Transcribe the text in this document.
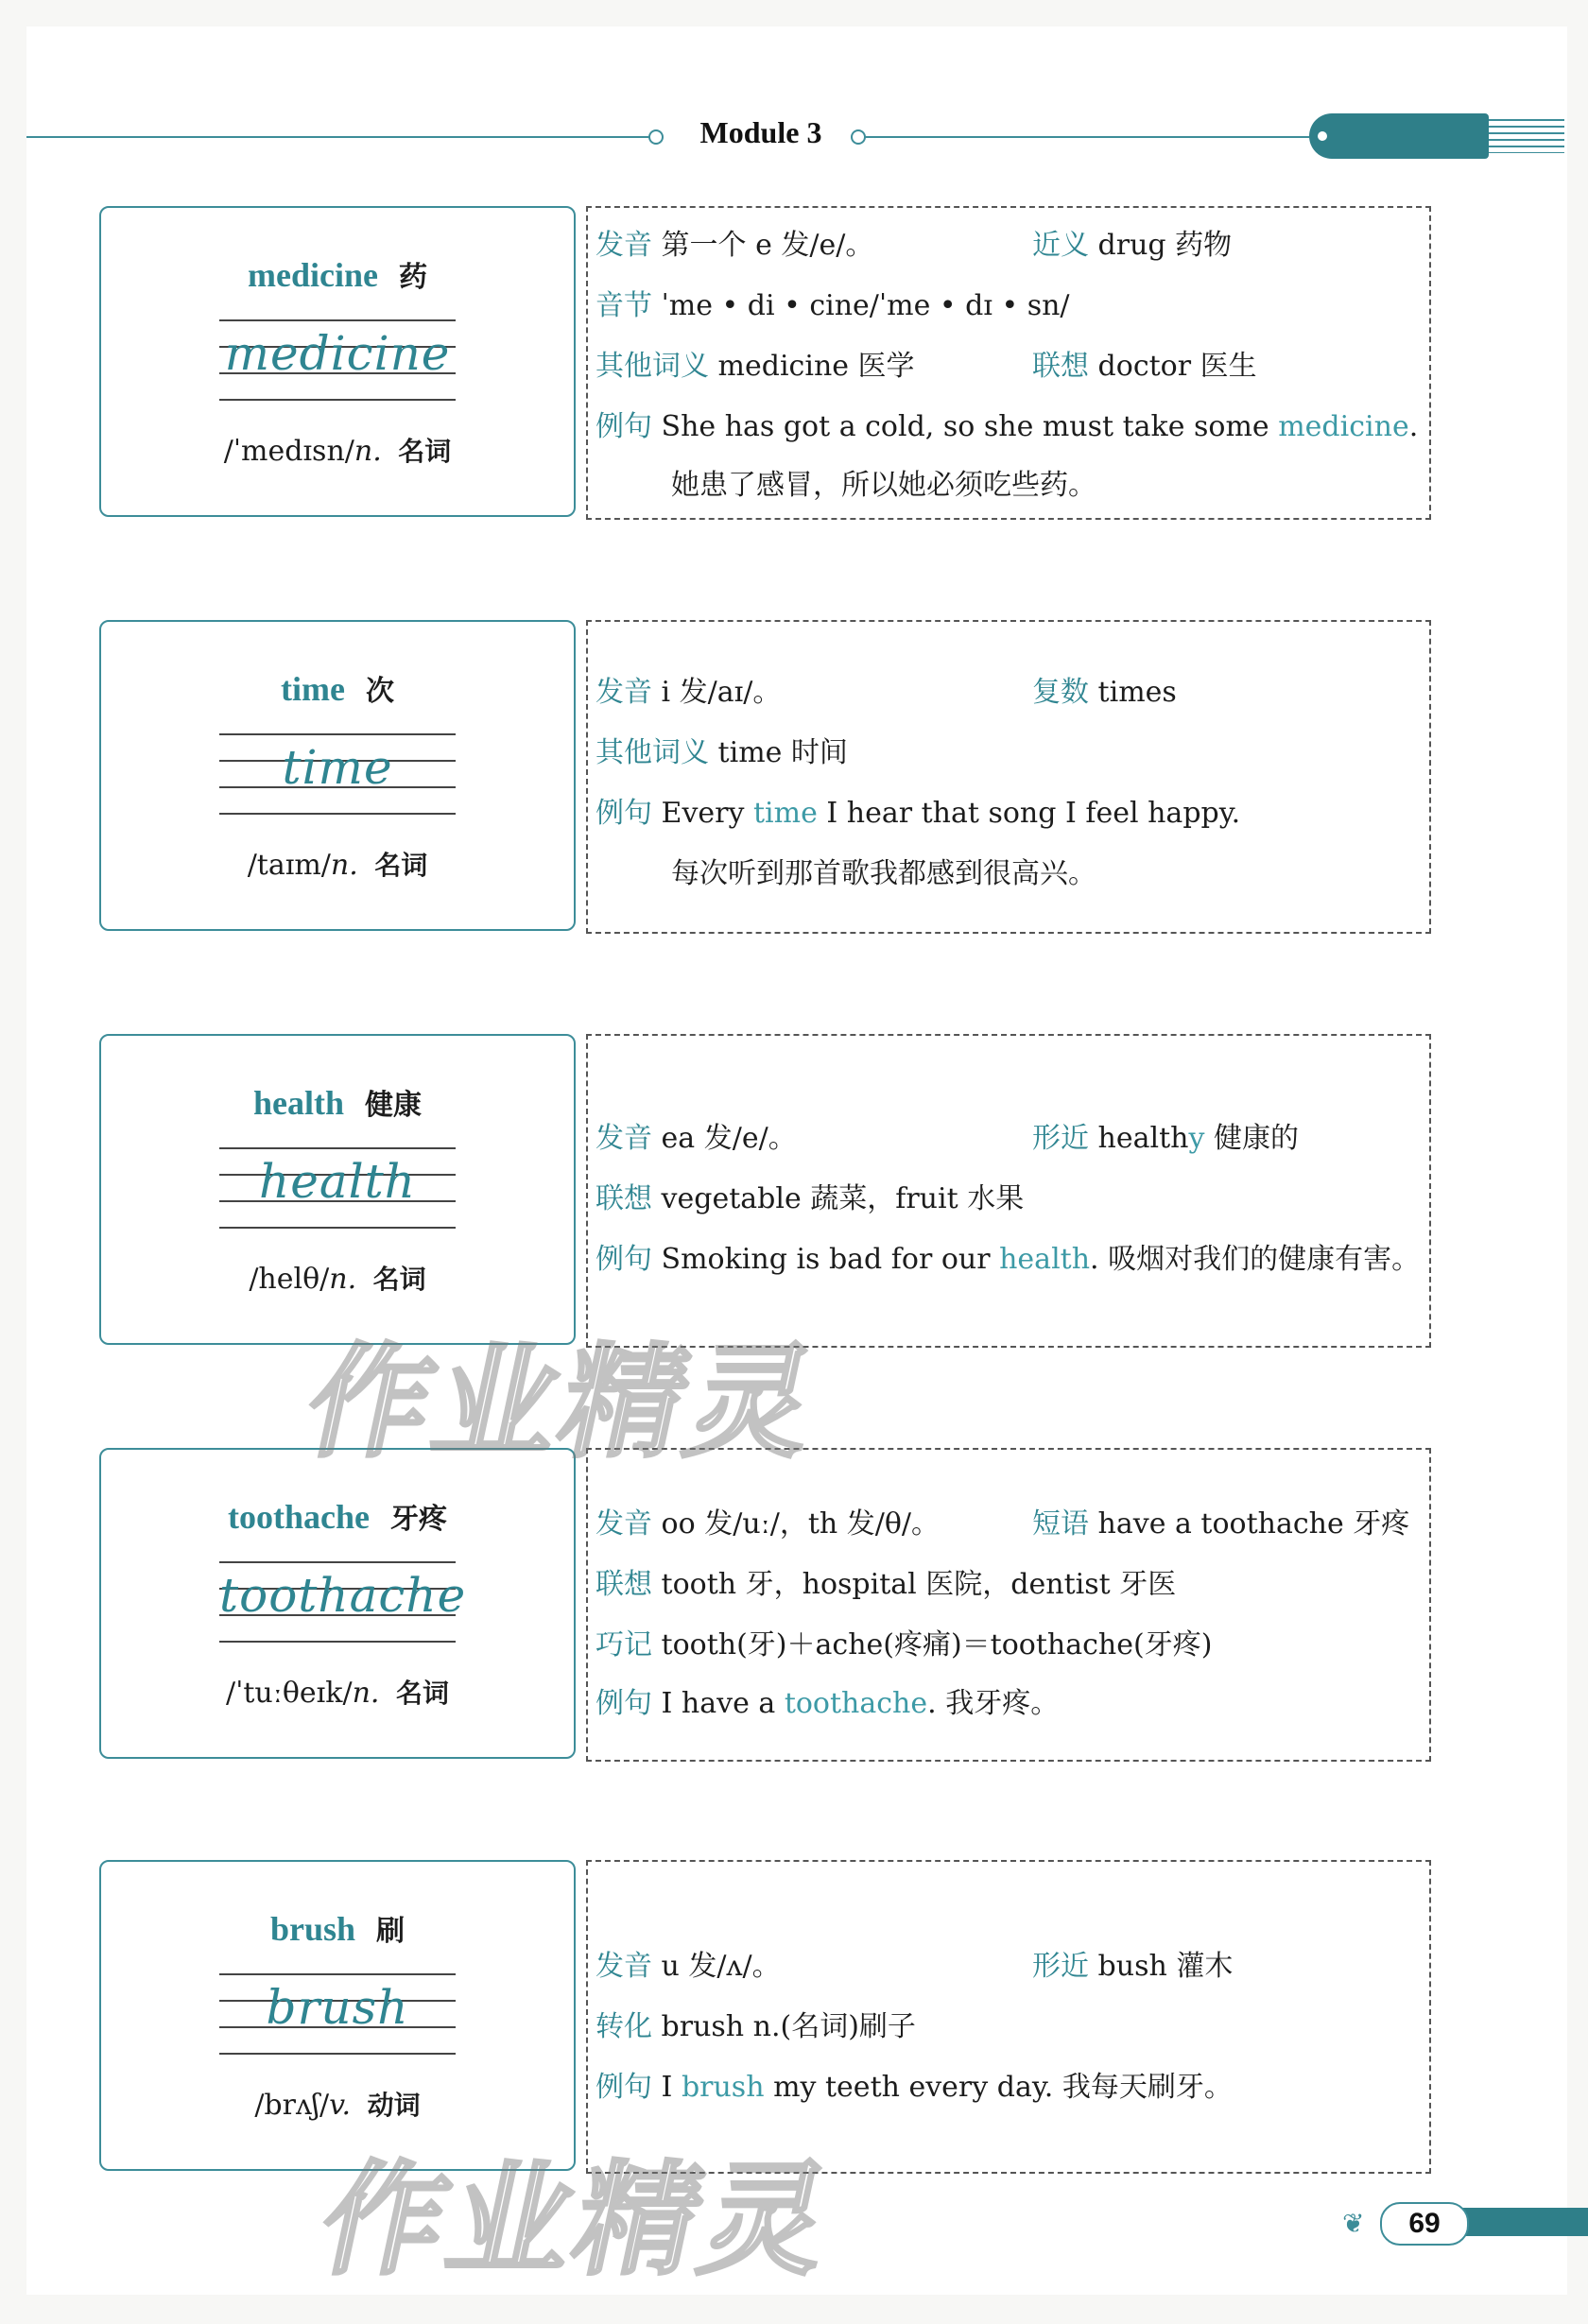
Module 3
medicine 药
medicine
/ˈmedɪsn/n. 名词
发音 第一个 e 发/e/。	近义 drug 药物
音节 ˈme • di • cine/ˈme • dɪ • sn/
其他词义 medicine 医学	联想 doctor 医生
例句 She has got a cold, so she must take some medicine.
她患了感冒，所以她必须吃些药。
time 次
time
/taɪm/n. 名词
发音 i 发/aɪ/。	复数 times
其他词义 time 时间
例句 Every time I hear that song I feel happy.
每次听到那首歌我都感到很高兴。
health 健康
health
/helθ/n. 名词
发音 ea 发/e/。	形近 healthy 健康的
联想 vegetable 蔬菜，fruit 水果
例句 Smoking is bad for our health. 吸烟对我们的健康有害。
toothache 牙疼
toothache
/ˈtuːθeɪk/n. 名词
发音 oo 发/uː/，th 发/θ/。	短语 have a toothache 牙疼
联想 tooth 牙，hospital 医院，dentist 牙医
巧记 tooth(牙)＋ache(疼痛)＝toothache(牙疼)
例句 I have a toothache. 我牙疼。
brush 刷
brush
/brʌʃ/v. 动词
发音 u 发/ʌ/。	形近 bush 灌木
转化 brush n.(名词)刷子
例句 I brush my teeth every day. 我每天刷牙。
作业精灵
作业精灵	❦	69
